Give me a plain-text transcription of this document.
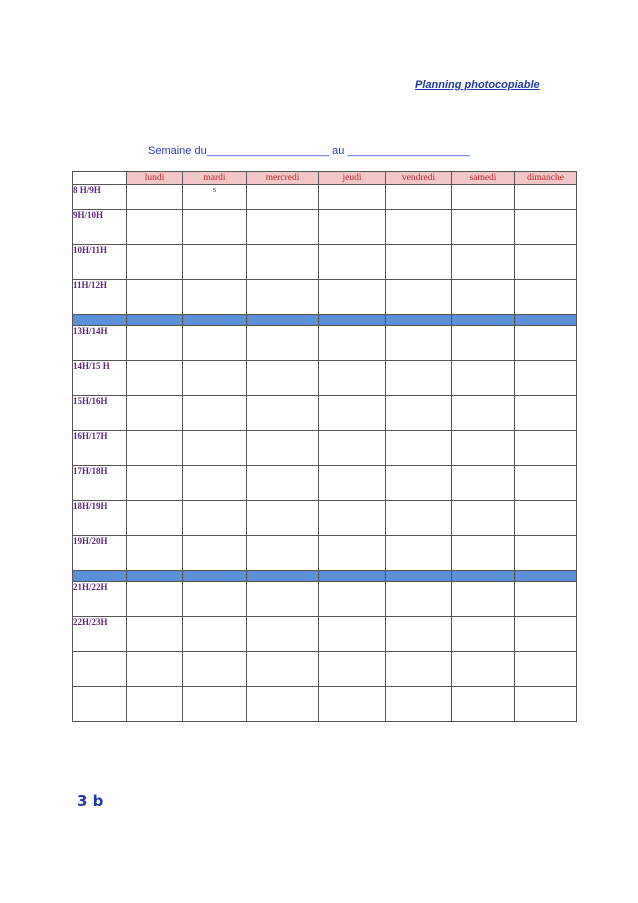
Planning photocopiable
Semaine du____________________ au ____________________
	lundi	mardi	mercredi	jeudi	vendredi	samedi	dimanche
8 H/9H		s					
9H/10H							
10H/11H							
11H/12H							

13H/14H							
14H/15 H							
15H/16H							
16H/17H							
17H/18H							
18H/19H							
19H/20H							

21H/22H							
22H/23H							

3 b
